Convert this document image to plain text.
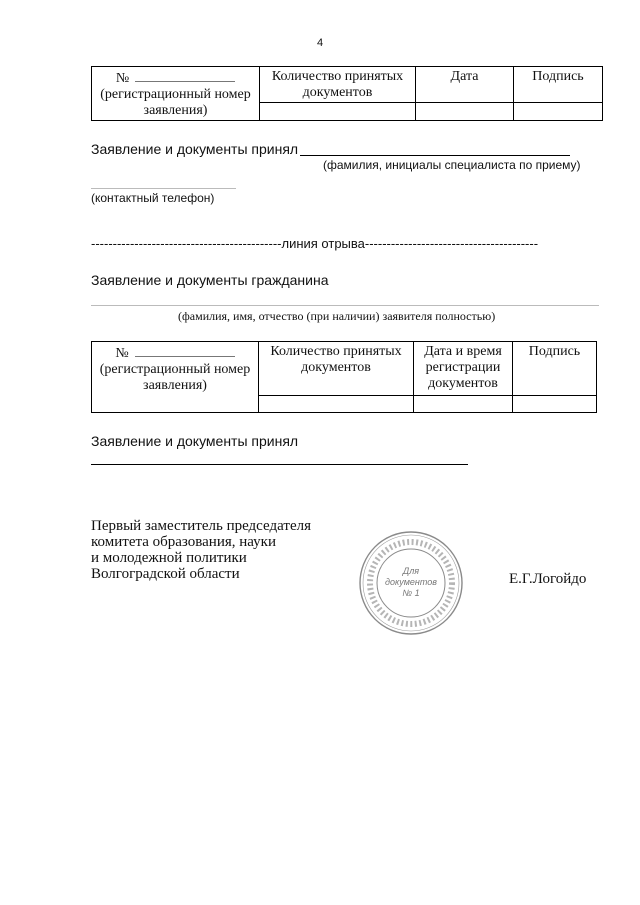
4
№
(регистрационный номер заявления)	Количество принятых документов	Дата	Подпись

Заявление и документы принял
(фамилия, инициалы специалиста по приему)
(контактный телефон)
--------------------------------------------линия отрыва----------------------------------------
Заявление и документы гражданина
(фамилия, имя, отчество (при наличии) заявителя полностью)
№
(регистрационный номер заявления)	Количество принятых документов	Дата и время регистрации документов	Подпись

Заявление и документы принял
Первый заместитель председателя
комитета образования, науки
и молодежной политики
Волгоградской области	Для
документов
№ 1
Е.Г.Логойдо
